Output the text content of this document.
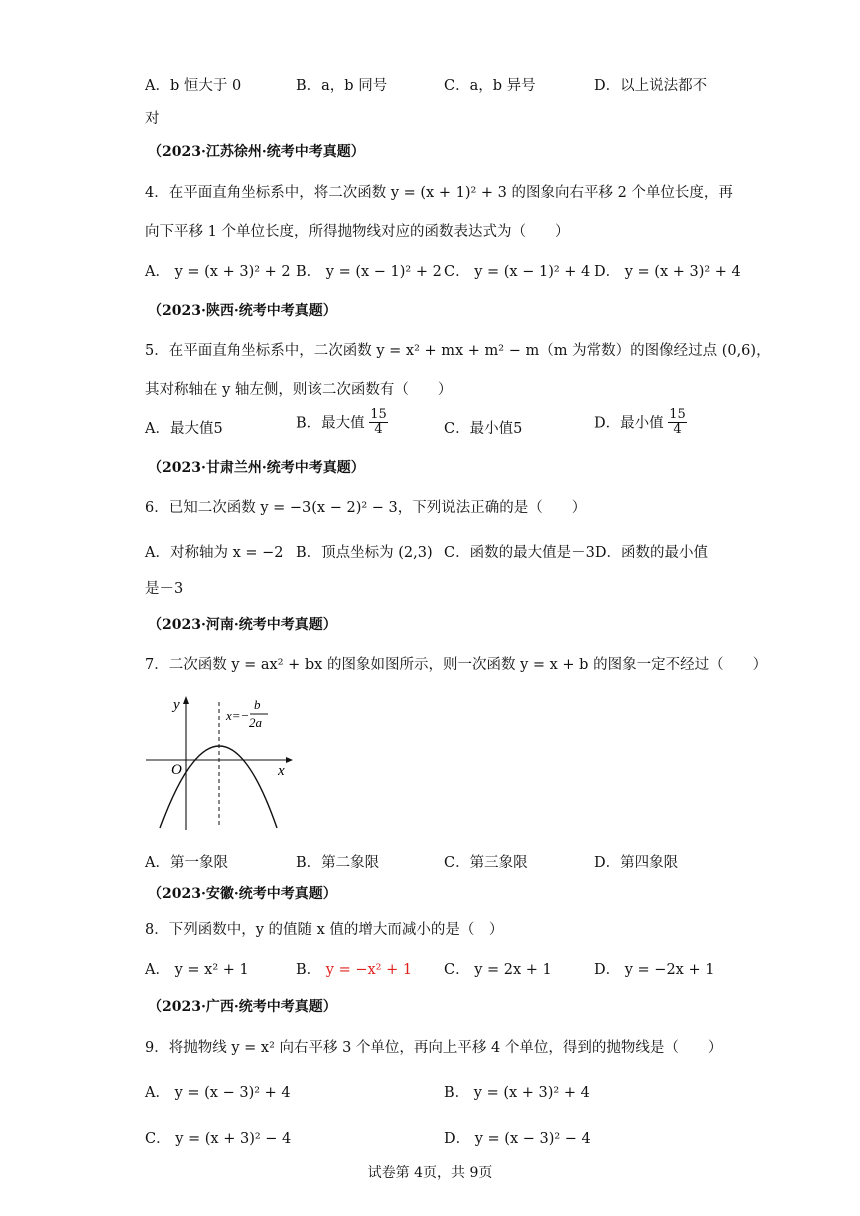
A．b 恒大于 0	B．a，b 同号	C．a，b 异号	D．以上说法都不
对
（2023·江苏徐州·统考中考真题）
4．在平面直角坐标系中，将二次函数 y = (x + 1)² + 3 的图象向右平移 2 个单位长度，再
向下平移 1 个单位长度，所得抛物线对应的函数表达式为（　　）
A． y = (x + 3)² + 2 B． y = (x − 1)² + 2 C． y = (x − 1)² + 4 D． y = (x + 3)² + 4
（2023·陕西·统考中考真题）
5．在平面直角坐标系中，二次函数 y = x² + mx + m² − m（m 为常数）的图像经过点 (0,6)，
其对称轴在 y 轴左侧，则该二次函数有（　　）
A．最大值5	B．最大值 $\frac{15}{4}$	C．最小值5	D．最小值 $\frac{15}{4}$
（2023·甘肃兰州·统考中考真题）
6．已知二次函数 y = −3(x − 2)² − 3，下列说法正确的是（　　）
A．对称轴为 x = −2 B．顶点坐标为 (2,3) C．函数的最大值是－3D．函数的最小值
是－3
（2023·河南·统考中考真题）
7．二次函数 y = ax² + bx 的图象如图所示，则一次函数 y = x + b 的图象一定不经过（　　）
y
x
O
x=−
b
2a
A．第一象限	B．第二象限	C．第三象限	D．第四象限
（2023·安徽·统考中考真题）
8．下列函数中，y 的值随 x 值的增大而减小的是（　）
A． y = x² + 1	B． y = −x² + 1 C． y = 2x + 1	D． y = −2x + 1
（2023·广西·统考中考真题）
9．将抛物线 y = x² 向右平移 3 个单位，再向上平移 4 个单位，得到的抛物线是（　　）
A． y = (x − 3)² + 4	B． y = (x + 3)² + 4
C． y = (x + 3)² − 4	D． y = (x − 3)² − 4
试卷第 4页，共 9页
